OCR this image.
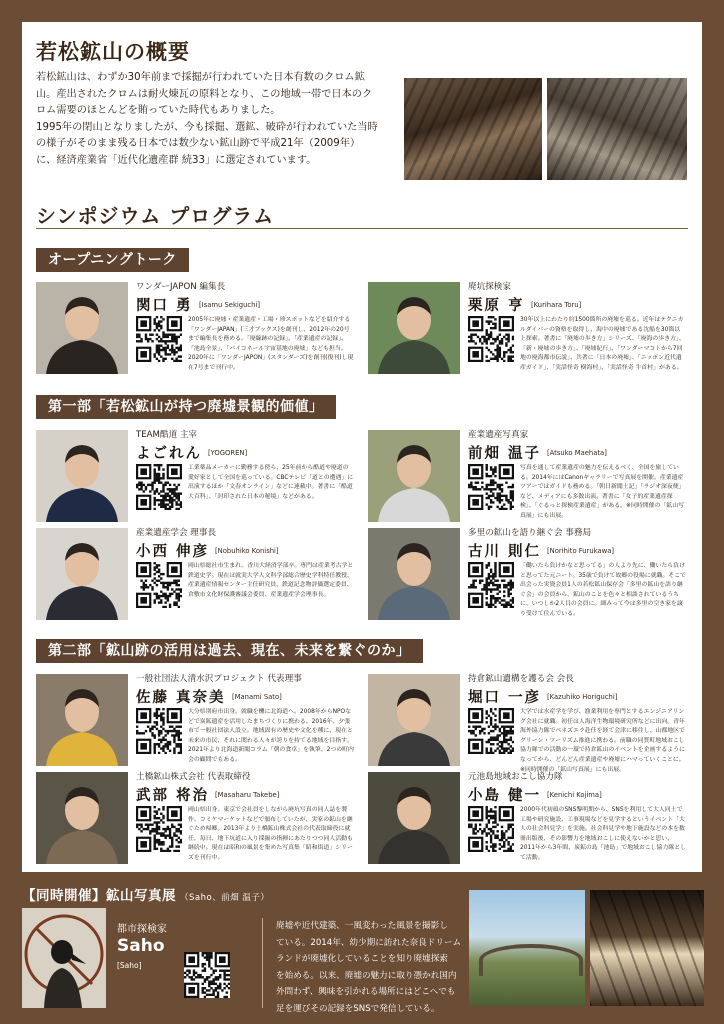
若松鉱山の概要
若松鉱山は、わずか30年前まで採掘が行われていた日本有数のクロム鉱
山。産出されたクロムは耐火煉瓦の原料となり、この地域一帯で日本のク
ロム需要のほとんどを賄っていた時代もありました。
1995年の閉山となりましたが、今も採掘、選鉱、破砕が行われていた当時
の様子がそのまま残る日本では数少ない鉱山跡で平成21年（2009年）
に、経済産業省「近代化遺産群 続33」に選定されています。
シンポジウム プログラム
オープニングトーク
第一部「若松鉱山が持つ廃墟景観的価値」
第二部「鉱山跡の活用は過去、現在、未来を繋ぐのか」
ワンダーJAPON 編集長
関口 勇 [Isamu Sekiguchi]
2005年に廃墟・産業遺産・工場・珍スポットなどを紹介する「ワンダーJAPAN」(三才ブックス)を創刊し、2012年の20号まで編集長を務める。「廃線跡の記録」、「産業遺産の記録」、「池島全景」、「パイコネール宇宙基地の廃墟」なども担当。2020年に「ワンダーJAPON」(スタンダーズ)を創刊(復刊)し現在7号まで刊行中。
廃坑探検家
栗原 亨 [Kurihara Toru]
30年以上にわたり約1500箇所の廃墟を巡る。近年はテクニカルダイバーの資格を取得し、海中の廃墟である沈船を30箇以上探索。著書に「廃墟の歩き方」シリーズ、「廃海の歩き方」、「新・廃墟の歩き方」、「廃墟紀行」、「ワンダーマコトから7回地の廃海都市伝説」、共著に「日本の廃墟」、「ニッポン近代遺産ガイド」、「実話怪奇 樹海村」、「実話怪奇 牛首村」がある。
TEAM酷道 主宰
よごれん [YOGOREN]
工業薬品メーカーに勤務する傍ら、25年前から酷道や廃道の愛好家として全国を巡っている。CBCテレビ「道との遭遇」に出演するほか「文春オンライン」などに連載中。著書に「酷道大百科」、「封印された日本の秘境」などがある。
産業遺産写真家
前畑 温子 [Atsuko Maehata]
写真を通して産業遺産の魅力を伝えるべく、全国を旅している。2014年にはCanonギャラリーで写真展を開催。産業遺産ツアーではガイドも務める。「朝日新聞土記」「ラジオ深夜便」など、メディアにも多数出演。著書に「女子的産業遺産探検」、「ぐるっと探検産業遺産」がある。※同時開催の「鉱山写真展」にも出展。
産業遺産学会 理事長
小西 伸彦 [Nobuhiko Konishi]
岡山県総社市生まれ。香川大経済学部卒。専門は産業考古学と鉄道史学。現在は就実大学人文科学部総合歴史学科特任教授、産業遺産情報センター主任研究員、鉄道記念物評価選定委員、倉敷市文化財保護審議会委員、産業遺産学会理事長。
多里の鉱山を語り継ぐ会 事務局
古川 則仁 [Norihito Furukawa]
「働いたら負けかなと思ってる」の人より先に、働いたら負けと思ってた元ニート。35歳で負けて故郷の役場に就職。そこで出会った実資会員1人の若松鉱山保存会「多里の鉱山を語り継ぐ会」の会員から、鉱山のことを色々と相談されているうちに、いつしか2人目の会員に。細みって今は多里の空き家を譲り受けて住んでいる。
一般社団法人清水沢プロジェクト 代表理事
佐藤 真奈美 [Manami Sato]
大分県別府市出身。就職を機に北海道へ。2008年からNPOなどで炭鉱遺産を活用したまちづくりに携わる。2016年、夕張市で一般社団法人設立。地域固有の歴史や文化を種に、現在と未来の市民、それに関わる人々が誇りを持てる地域を目指す。2021年より北海道新聞コラム「朝の食卓」を執筆。2つの町内会の顧問でもある。
持倉鉱山遺構を護る会 会長
堀口 一彦 [Kazuhiko Horiguchi]
大学では水産学を学び、漁業利用を専門とするエンジニアリング会社に就職。初任は人海洋生物環境研究所などに出向。青年海外協力隊でベネズエラ赴任を経て会津に移住し、山都地区でグリーン・ツーリズム推進に携わる。前職の同質町地域おこし協力隊での活動の一環で持倉鉱山のイベントを企画するようになってから、どんどん産業遺産や廃墟にハマっていくことに。※同時開催の「鉱山写真展」にも出展。
土橋鉱山株式会社 代表取締役
武部 将治 [Masaharu Takebe]
岡山県出身。東京で会社員をしながら廃坑写真の同人誌を製作。コミケマーケットなどで頒布していたが、実家の鉱山を継ぐため帰郷。2013年より土橋鉱山株式会社の代表取締役に就任。毎日、地下坑道に入り採掘の指揮にあたりつつ同人活動も継続中。現在は昭和の風景を集めた写真集「昭和街道」シリーズを刊行中。
元池島地域おこし協力隊
小島 健一 [Kenichi Kojima]
2000年代初頭のSNS黎明期から、SNSを利用して大人同士で工場や研究施設、工事現場などを見学するというイベント「大人の社会科見学」を実施。社会科見学や地下施設などの本を数冊出版後、その影響力を地域おこしに使えないかと思い、2011年から3年間、炭鉱の島「池島」で地域おこし協力隊として活動。
【同時開催】鉱山写真展 （Saho、前畑 温子）
都市探検家
Saho
[Saho]
廃墟や近代建築、一風変わった風景を撮影し
ている。2014年、幼少期に訪れた奈良ドリーム
ランドが廃墟化していることを知り廃墟探索
を始める。以来、廃墟の魅力に取り憑かれ国内
外問わず、興味を引かれる場所にはどこへでも
足を運びその記録をSNSで発信している。
